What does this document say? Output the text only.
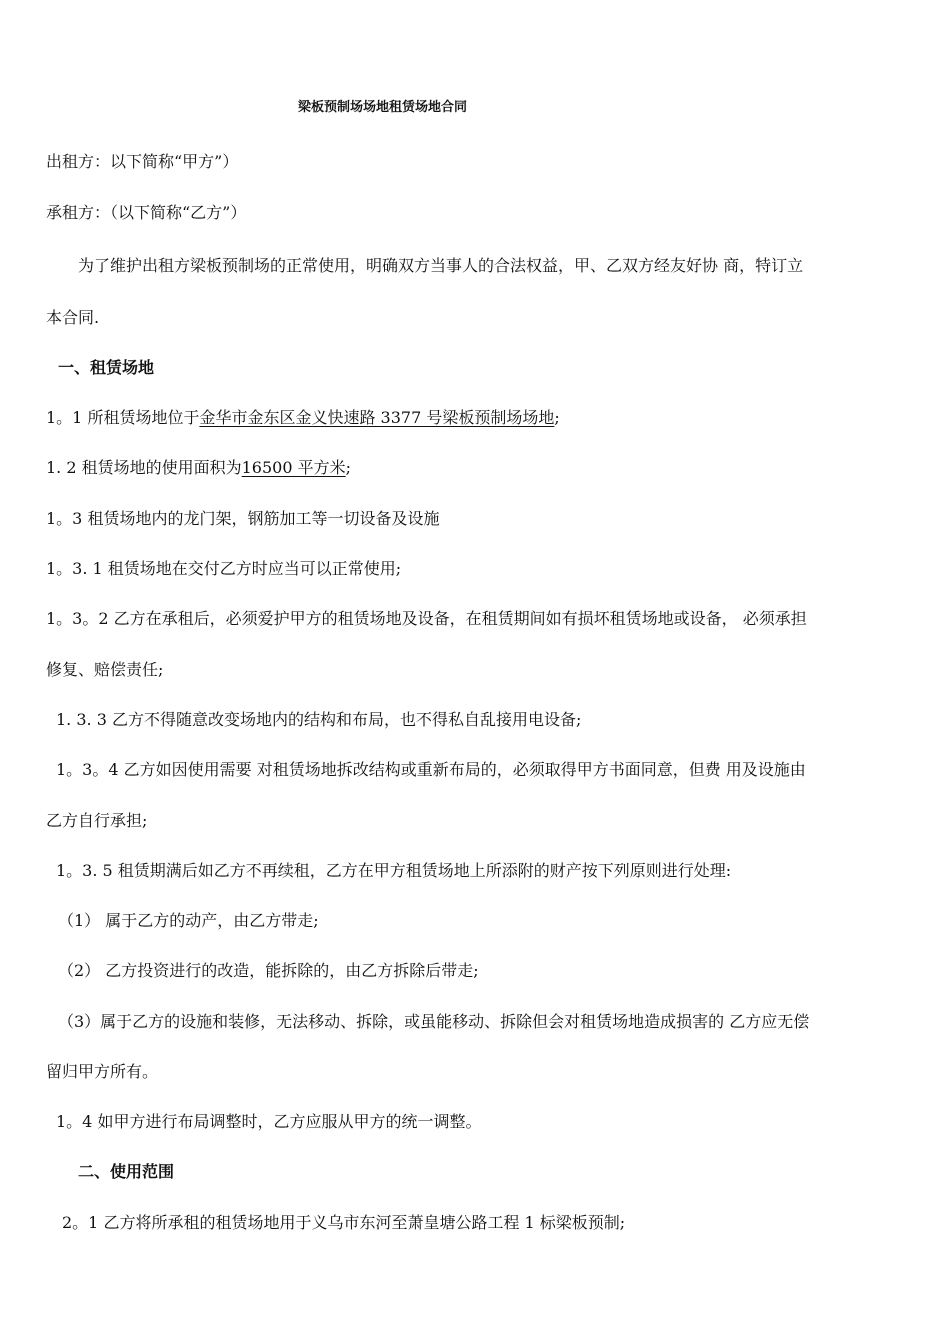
梁板预制场场地租赁场地合同
出租方：以下简称“甲方”）
承租方：（以下简称“乙方”）
为了维护出租方梁板预制场的正常使用，明确双方当事人的合法权益，甲、乙双方经友好协 商，特订立
本合同.
一、租赁场地
1。1 所租赁场地位于金华市金东区金义快速路 3377 号梁板预制场场地;
1. 2 租赁场地的使用面积为16500 平方米;
1。3 租赁场地内的龙门架，钢筋加工等一切设备及设施
1。3. 1 租赁场地在交付乙方时应当可以正常使用;
1。3。2 乙方在承租后，必须爱护甲方的租赁场地及设备，在租赁期间如有损坏租赁场地或设备， 必须承担
修复、赔偿责任;
1. 3. 3 乙方不得随意改变场地内的结构和布局，也不得私自乱接用电设备;
1。3。4 乙方如因使用需要 对租赁场地拆改结构或重新布局的，必须取得甲方书面同意，但费 用及设施由
乙方自行承担;
1。3. 5 租赁期满后如乙方不再续租，乙方在甲方租赁场地上所添附的财产按下列原则进行处理:
（1） 属于乙方的动产，由乙方带走;
（2） 乙方投资进行的改造，能拆除的，由乙方拆除后带走;
（3）属于乙方的设施和装修，无法移动、拆除，或虽能移动、拆除但会对租赁场地造成损害的 乙方应无偿
留归甲方所有。
1。4 如甲方进行布局调整时，乙方应服从甲方的统一调整。
二、使用范围
2。1 乙方将所承租的租赁场地用于义乌市东河至萧皇塘公路工程 1 标梁板预制;
